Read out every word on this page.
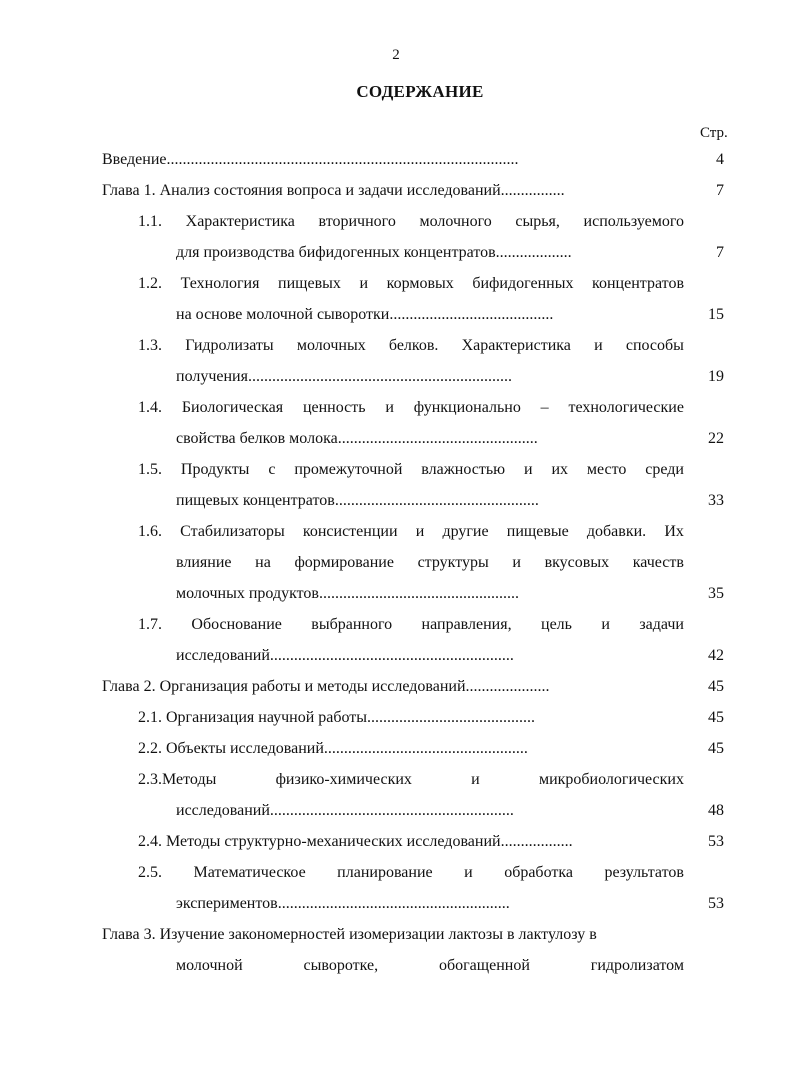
2
СОДЕРЖАНИЕ
Стр.
Введение........................................................................................	4
Глава 1. Анализ состояния вопроса и задачи исследований................	7
1.1. Характеристика вторичного молочного сырья, используемого
для производства бифидогенных концентратов...................	7
1.2. Технология пищевых и кормовых бифидогенных концентратов
на основе молочной сыворотки.........................................	15
1.3. Гидролизаты молочных белков. Характеристика и способы
получения..................................................................	19
1.4. Биологическая ценность и функционально – технологические
свойства белков молока..................................................	22
1.5. Продукты с промежуточной влажностью и их место среди
пищевых концентратов...................................................	33
1.6. Стабилизаторы консистенции и другие пищевые добавки. Их
влияние на формирование структуры и вкусовых качеств
молочных продуктов..................................................	35
1.7. Обоснование выбранного направления, цель и задачи
исследований.............................................................	42
Глава 2. Организация работы и методы исследований.....................	45
2.1. Организация научной работы..........................................	45
2.2. Объекты исследований...................................................	45
2.3.Методы	физико-химических	и	микробиологических
исследований.............................................................	48
2.4. Методы структурно-механических исследований..................	53
2.5. Математическое планирование и обработка результатов
экспериментов..........................................................	53
Глава 3. Изучение закономерностей изомеризации лактозы в лактулозу в
молочной	сыворотке,	обогащенной	гидролизатом
